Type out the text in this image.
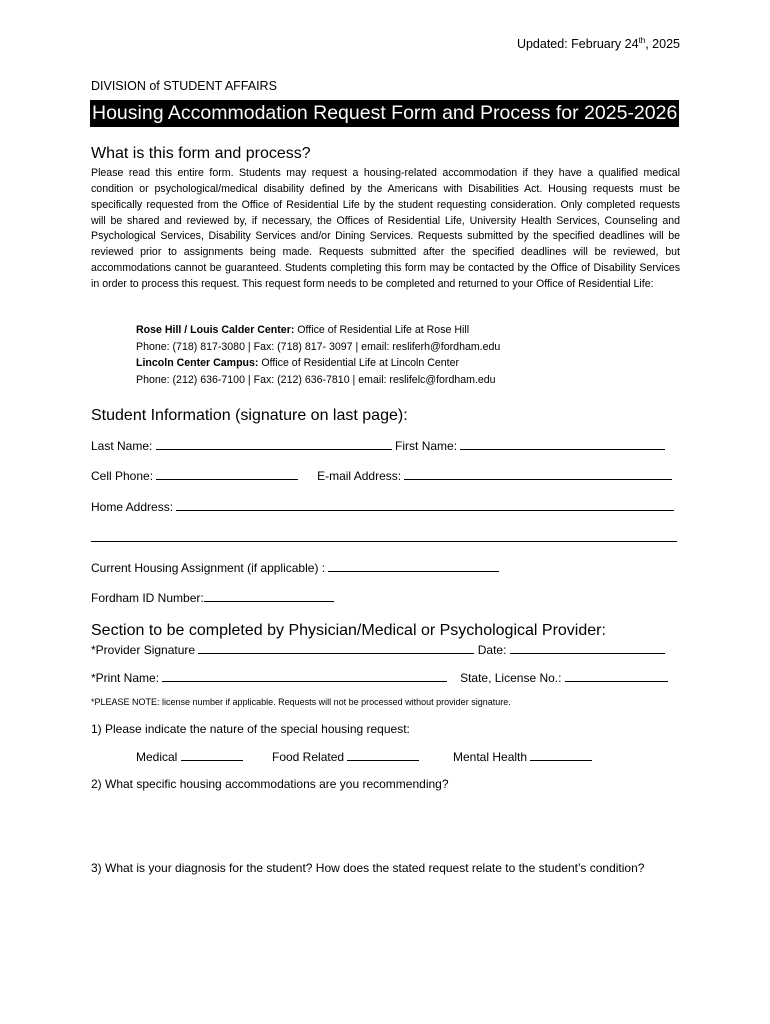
Updated: February 24th, 2025
DIVISION of STUDENT AFFAIRS
Housing Accommodation Request Form and Process for 2025-2026
What is this form and process?
Please read this entire form. Students may request a housing-related accommodation if they have a qualified medical condition or psychological/medical disability defined by the Americans with Disabilities Act. Housing requests must be specifically requested from the Office of Residential Life by the student requesting consideration. Only completed requests will be shared and reviewed by, if necessary, the Offices of Residential Life, University Health Services, Counseling and Psychological Services, Disability Services and/or Dining Services. Requests submitted by the specified deadlines will be reviewed prior to assignments being made. Requests submitted after the specified deadlines will be reviewed, but accommodations cannot be guaranteed. Students completing this form may be contacted by the Office of Disability Services in order to process this request. This request form needs to be completed and returned to your Office of Residential Life:
Rose Hill / Louis Calder Center: Office of Residential Life at Rose Hill
Phone: (718) 817-3080 | Fax: (718) 817- 3097 | email: resliferh@fordham.edu
Lincoln Center Campus: Office of Residential Life at Lincoln Center
Phone: (212) 636-7100 | Fax: (212) 636-7810 | email: reslifelc@fordham.edu
Student Information (signature on last page):
Last Name:	First Name:
Cell Phone:	E-mail Address:
Home Address:
Current Housing Assignment (if applicable) :
Fordham ID Number:
Section to be completed by Physician/Medical or Psychological Provider:
*Provider Signature	Date:
*Print Name:	State, License No.:
*PLEASE NOTE: license number if applicable. Requests will not be processed without provider signature.
1) Please indicate the nature of the special housing request:
Medical	Food Related	Mental Health
2) What specific housing accommodations are you recommending?
3) What is your diagnosis for the student? How does the stated request relate to the student’s condition?
